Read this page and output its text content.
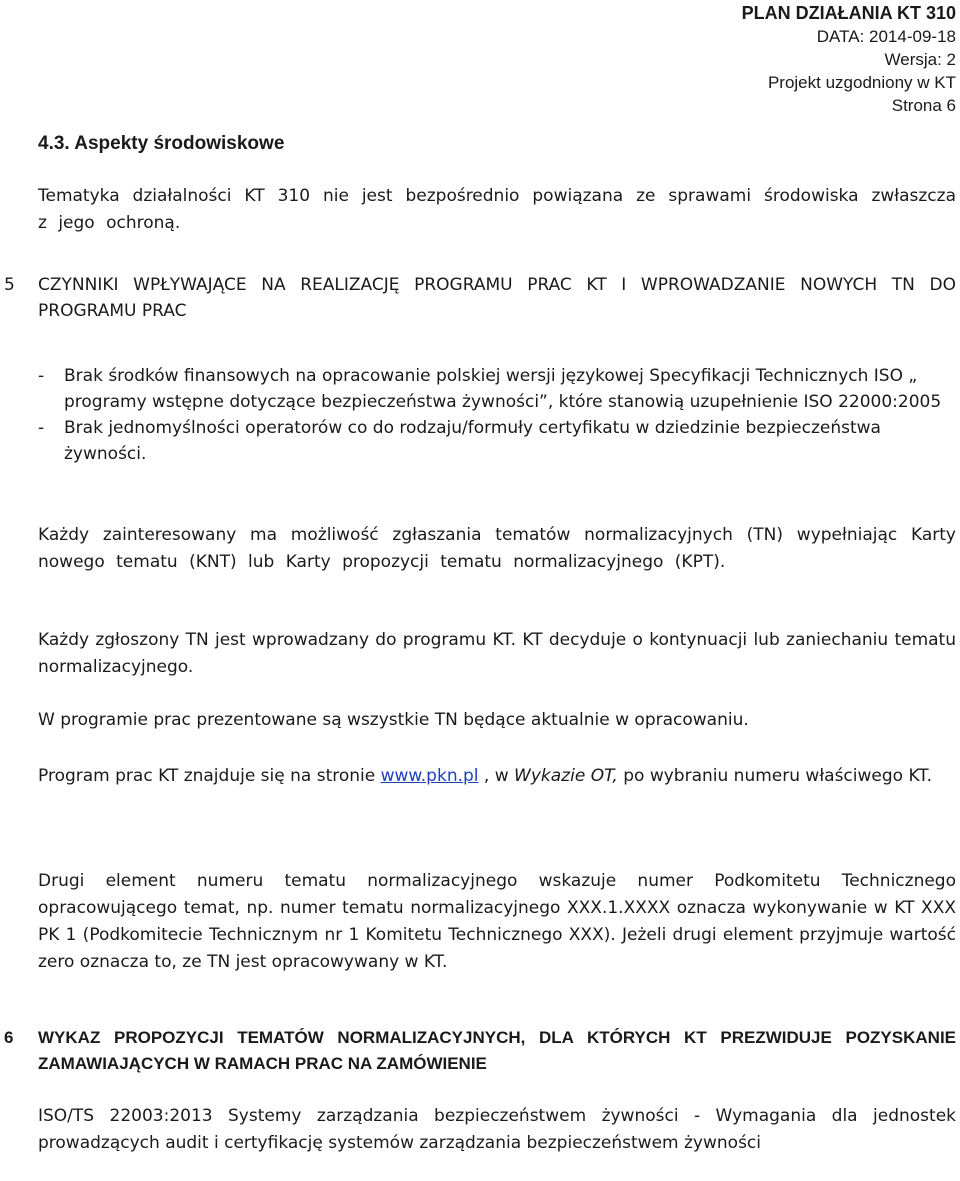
PLAN DZIAŁANIA KT 310
DATA: 2014-09-18
Wersja: 2
Projekt uzgodniony w KT
Strona 6
4.3. Aspekty środowiskowe

Tematyka działalności KT 310 nie jest bezpośrednio powiązana ze sprawami środowiska zwłaszcza z jego ochroną.

5	CZYNNIKI WPŁYWAJĄCE NA REALIZACJĘ PROGRAMU PRAC KT I WPROWADZANIE NOWYCH TN DO PROGRAMU PRAC
-	Brak środków finansowych na opracowanie polskiej wersji językowej Specyfikacji Technicznych ISO „ programy wstępne dotyczące bezpieczeństwa żywności”, które stanowią uzupełnienie ISO 22000:2005
-	Brak jednomyślności operatorów co do rodzaju/formuły certyfikatu w dziedzinie bezpieczeństwa żywności.

Każdy zainteresowany ma możliwość zgłaszania tematów normalizacyjnych (TN) wypełniając Karty nowego tematu (KNT) lub Karty propozycji tematu normalizacyjnego (KPT).

Każdy zgłoszony TN jest wprowadzany do programu KT. KT decyduje o kontynuacji lub zaniechaniu tematu normalizacyjnego.

W programie prac prezentowane są wszystkie TN będące aktualnie w opracowaniu.

Program prac KT znajduje się na stronie www.pkn.pl , w Wykazie OT, po wybraniu numeru właściwego KT.

Drugi element numeru tematu normalizacyjnego wskazuje numer Podkomitetu Technicznego opracowującego temat, np. numer tematu normalizacyjnego XXX.1.XXXX oznacza wykonywanie w KT XXX PK 1 (Podkomitecie Technicznym nr 1 Komitetu Technicznego XXX). Jeżeli drugi element przyjmuje wartość zero oznacza to, ze TN jest opracowywany w KT.

6	WYKAZ PROPOZYCJI TEMATÓW NORMALIZACYJNYCH, DLA KTÓRYCH KT PREZWIDUJE POZYSKANIE ZAMAWIAJĄCYCH W RAMACH PRAC NA ZAMÓWIENIE

ISO/TS 22003:2013 Systemy zarządzania bezpieczeństwem żywności - Wymagania dla jednostek prowadzących audit i certyfikację systemów zarządzania bezpieczeństwem żywności
